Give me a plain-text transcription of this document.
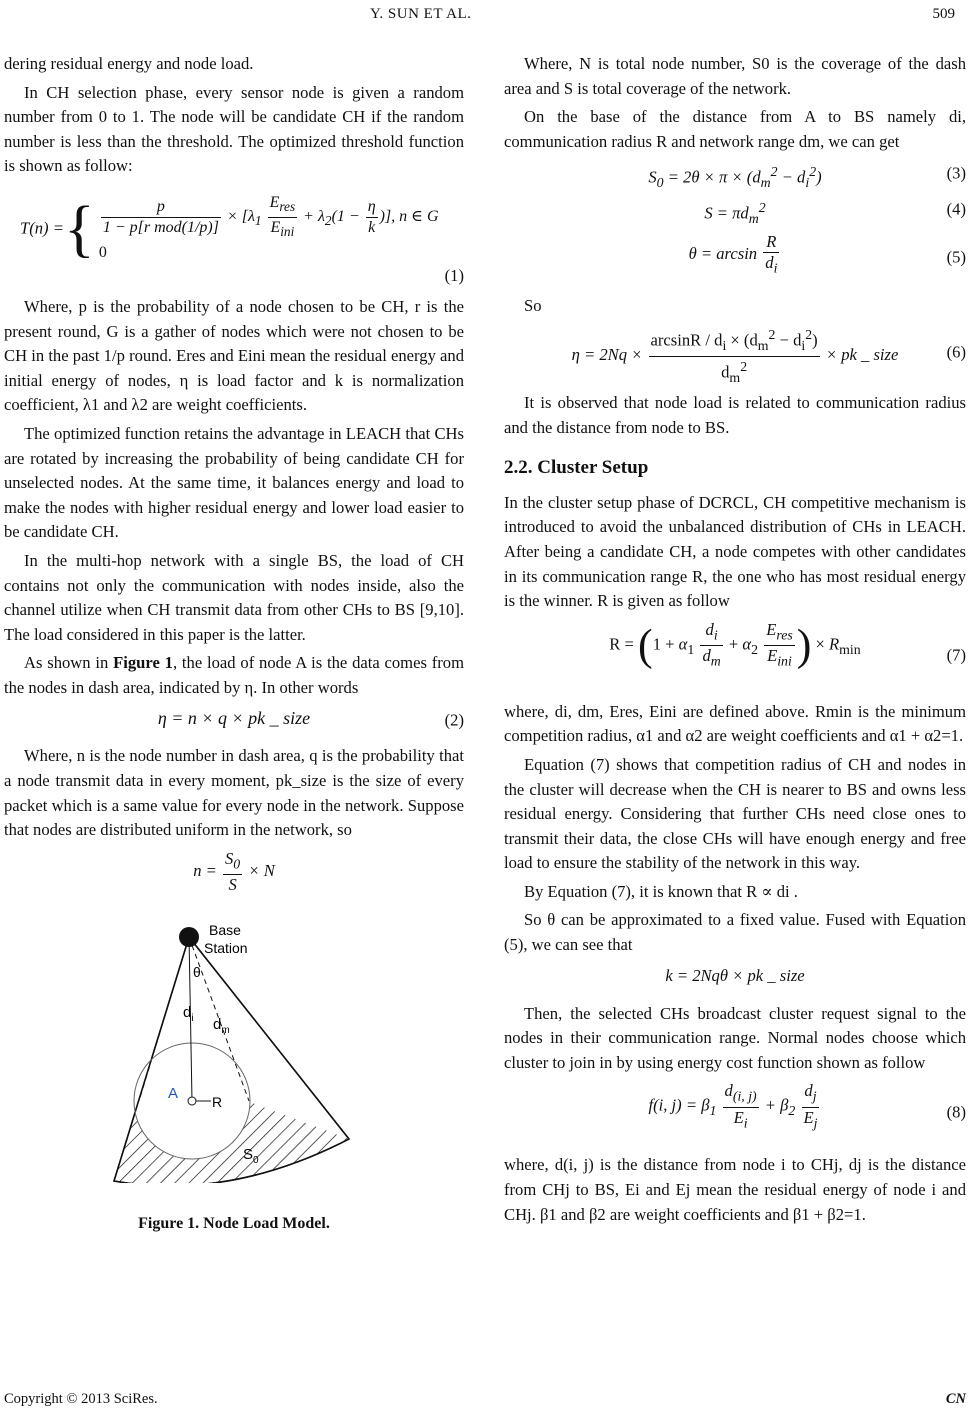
Y. SUN ET AL.	509

dering residual energy and node load.

In CH selection phase, every sensor node is given a random number from 0 to 1. The node will be candidate CH if the random number is less than the threshold. The optimized threshold function is shown as follow:

T(n) ={ $\frac{p}{\text{1 − p[r mod(1/p)]}} \times [\lambda_1 \frac{E_{res}}{E_{ini}} + \lambda_2(1 - \frac{\eta}{k}$ )], n ∈ G
0
(1)

Where, p is the probability of a node chosen to be CH, r is the present round, G is a gather of nodes which were not chosen to be CH in the past 1/p round. Eres and Eini mean the residual energy and initial energy of nodes, η is load factor and k is normalization coefficient, λ1 and λ2 are weight coefficients.

The optimized function retains the advantage in LEACH that CHs are rotated by increasing the probability of being candidate CH for unselected nodes. At the same time, it balances energy and load to make the nodes with higher residual energy and lower load easier to be candidate CH.

In the multi-hop network with a single BS, the load of CH contains not only the communication with nodes inside, also the channel utilize when CH transmit data from other CHs to BS [9,10]. The load considered in this paper is the latter.

As shown in Figure 1, the load of node A is the data comes from the nodes in dash area, indicated by η. In other words

η = n × q × pk _ size	(2)

Where, n is the node number in dash area, q is the probability that a node transmit data in every moment, pk_size is the size of every packet which is a same value for every node in the network. Suppose that nodes are distributed uniform in the network, so

$n = \frac{S_0}{S} \times N$
Base
Station
θ
$d_i$ $d_m$
A R
$S_0$
Figure 1. Node Load Model.

Where, N is total node number, S0 is the coverage of the dash area and S is total coverage of the network.

On the base of the distance from A to BS namely di, communication radius R and network range dm, we can get

$S_0 = 2\theta \times \pi \times (d_m^2 - d_i^2)$	(3)
$S = \pi d_m^2$	(4)
$\theta = \arcsin \frac{R}{d_i}$	(5)

So

$\eta = 2Nq \times \frac{\arcsin R / d_i \times (d_m^2 - d_i^2)}{d_m^2}$ × pk _ size	(6)

It is observed that node load is related to communication radius and the distance from node to BS.

2.2. Cluster Setup

In the cluster setup phase of DCRCL, CH competitive mechanism is introduced to avoid the unbalanced distribution of CHs in LEACH. After being a candidate CH, a node competes with other candidates in its communication range R, the one who has most residual energy is the winner. R is given as follow

$R = (1 + \alpha_1 \frac{d_i}{d_m} + \alpha_2 \frac{E_{res}}{E_{ini}}$ ) × $R_{min}$	(7)

where, di, dm, Eres, Eini are defined above. Rmin is the minimum competition radius, α1 and α2 are weight coefficients and α1 + α2=1.

Equation (7) shows that competition radius of CH and nodes in the cluster will decrease when the CH is nearer to BS and owns less residual energy. Considering that further CHs need close ones to transmit their data, the close CHs will have enough energy and free load to ensure the stability of the network in this way.

By Equation (7), it is known that R ∝ di .

So θ can be approximated to a fixed value. Fused with Equation (5), we can see that

k = 2Nqθ × pk _ size

Then, the selected CHs broadcast cluster request signal to the nodes in their communication range. Normal nodes choose which cluster to join in by using energy cost function shown as follow

f(i, $j) = \beta_1 \frac{d_{(i, j)}}{E_i} + \beta_2 \frac{d_j}{E_j}$	(8)

where, d(i, j) is the distance from node i to CHj, dj is the distance from CHj to BS, Ei and Ej mean the residual energy of node i and CHj. β1 and β2 are weight coefficients and β1 + β2=1.

Copyright © 2013 SciRes.	CN
